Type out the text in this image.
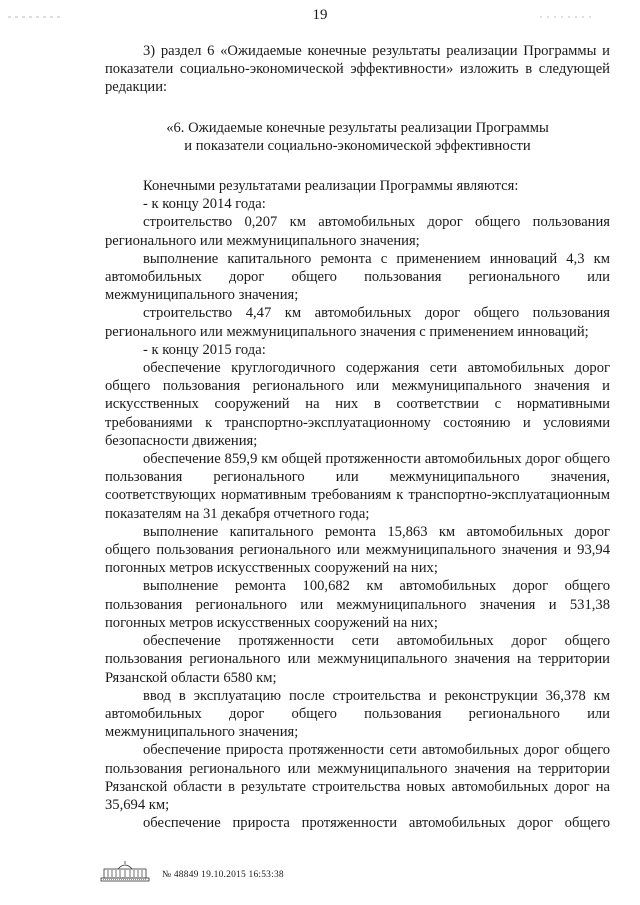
19

3) раздел 6 «Ожидаемые конечные результаты реализации Программы и показатели социально-экономической эффективности» изложить в следующей редакции:

«6. Ожидаемые конечные результаты реализации Программы
и показатели социально-экономической эффективности

Конечными результатами реализации Программы являются:

- к концу 2014 года:

строительство 0,207 км автомобильных дорог общего пользования регионального или межмуниципального значения;

выполнение капитального ремонта с применением инноваций 4,3 км автомобильных дорог общего пользования регионального или межмуниципального значения;

строительство 4,47 км автомобильных дорог общего пользования регионального или межмуниципального значения с применением инноваций;

- к концу 2015 года:

обеспечение круглогодичного содержания сети автомобильных дорог общего пользования регионального или межмуниципального значения и искусственных сооружений на них в соответствии с нормативными требованиями к транспортно-эксплуатационному состоянию и условиями безопасности движения;

обеспечение 859,9 км общей протяженности автомобильных дорог общего пользования регионального или межмуниципального значения, соответствующих нормативным требованиям к транспортно-эксплуатационным показателям на 31 декабря отчетного года;

выполнение капитального ремонта 15,863 км автомобильных дорог общего пользования регионального или межмуниципального значения и 93,94 погонных метров искусственных сооружений на них;

выполнение ремонта 100,682 км автомобильных дорог общего пользования регионального или межмуниципального значения и 531,38 погонных метров искусственных сооружений на них;

обеспечение протяженности сети автомобильных дорог общего пользования регионального или межмуниципального значения на территории Рязанской области 6580 км;

ввод в эксплуатацию после строительства и реконструкции 36,378 км автомобильных дорог общего пользования регионального или межмуниципального значения;

обеспечение прироста протяженности сети автомобильных дорог общего пользования регионального или межмуниципального значения на территории Рязанской области в результате строительства новых автомобильных дорог на 35,694 км;

обеспечение прироста протяженности автомобильных дорог общего

№ 48849 19.10.2015 16:53:38
